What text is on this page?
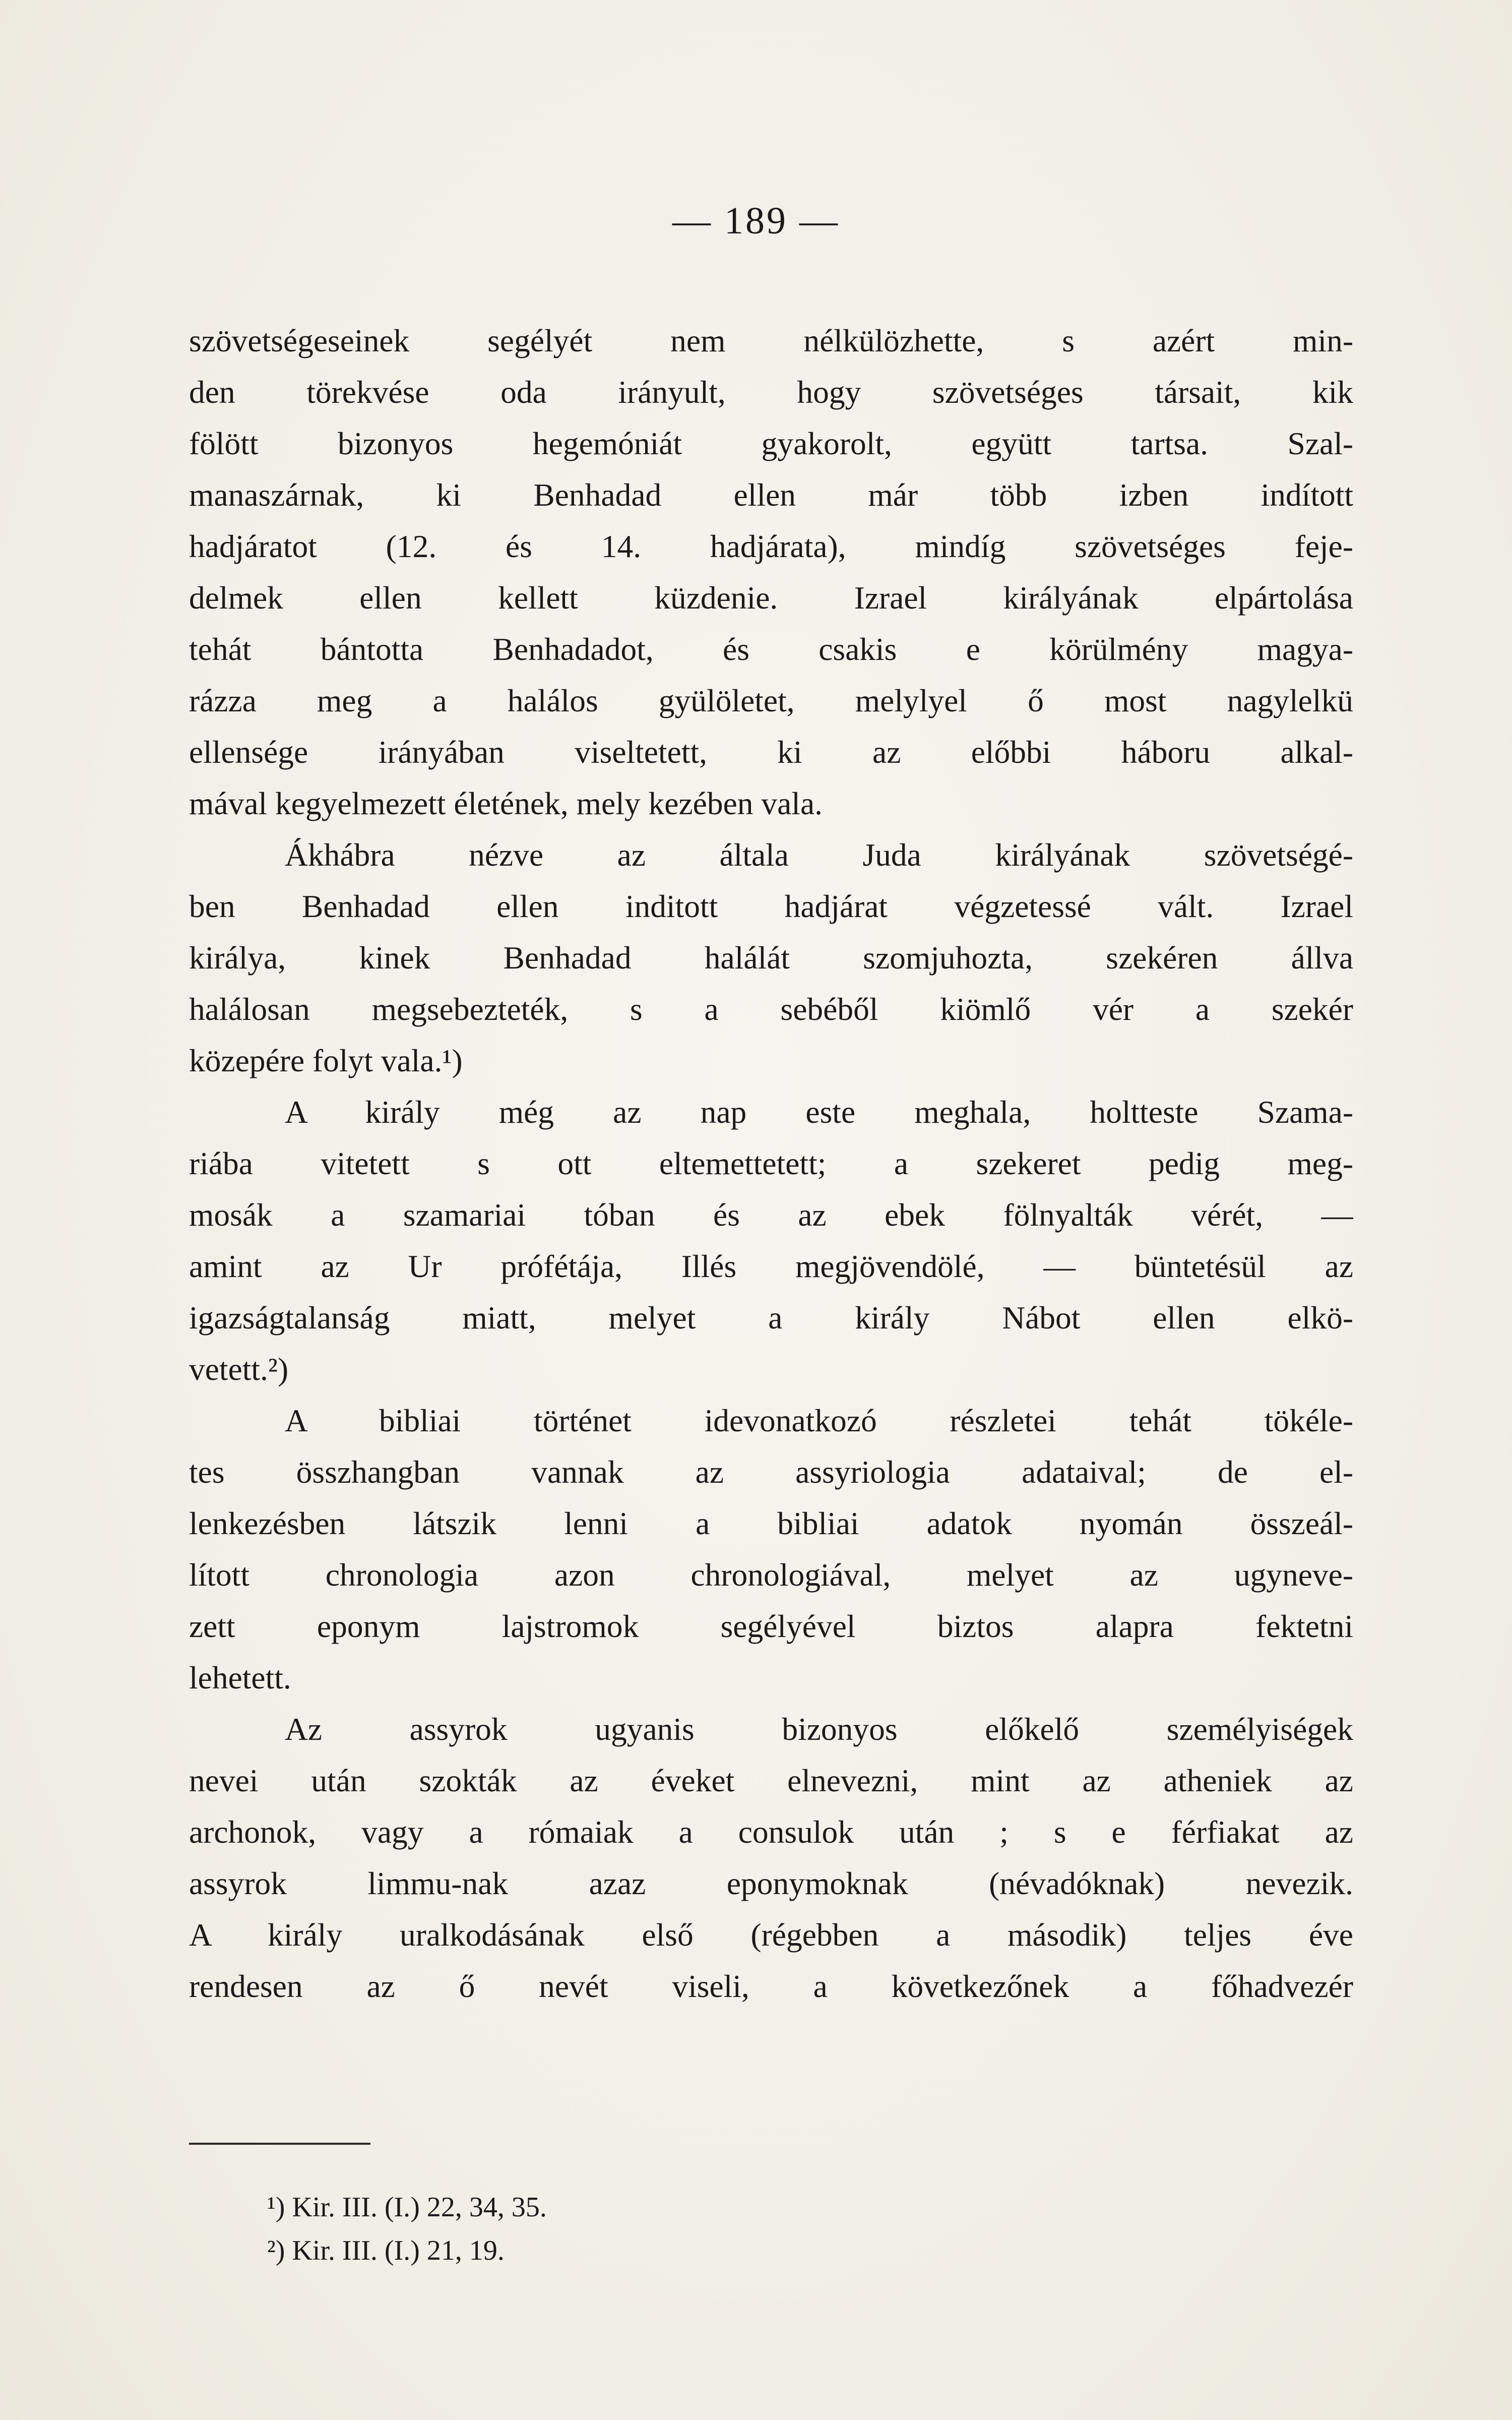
— 189 —
szövetségeseinek segélyét nem nélkülözhette, s azért min-
den törekvése oda irányult, hogy szövetséges társait, kik
fölött bizonyos hegemóniát gyakorolt, együtt tartsa. Szal-
manaszárnak, ki Benhadad ellen már több izben indított
hadjáratot (12. és 14. hadjárata), mindíg szövetséges feje-
delmek ellen kellett küzdenie. Izrael királyának elpártolása
tehát bántotta Benhadadot, és csakis e körülmény magya-
rázza meg a halálos gyülöletet, melylyel ő most nagylelkü
ellensége irányában viseltetett, ki az előbbi háboru alkal-
mával kegyelmezett életének, mely kezében vala.
Ákhábra nézve az általa Juda királyának szövetségé-
ben Benhadad ellen inditott hadjárat végzetessé vált. Izrael
királya, kinek Benhadad halálát szomjuhozta, szekéren állva
halálosan megsebezteték, s a sebéből kiömlő vér a szekér
közepére folyt vala.¹)
A király még az nap este meghala, holtteste Szama-
riába vitetett s ott eltemettetett; a szekeret pedig meg-
mosák a szamariai tóban és az ebek fölnyalták vérét, —
amint az Ur prófétája, Illés megjövendölé, — büntetésül az
igazságtalanság miatt, melyet a király Nábot ellen elkö-
vetett.²)
A bibliai történet idevonatkozó részletei tehát tökéle-
tes összhangban vannak az assyriologia adataival; de el-
lenkezésben látszik lenni a bibliai adatok nyomán összeál-
lított chronologia azon chronologiával, melyet az ugyneve-
zett eponym lajstromok segélyével biztos alapra fektetni
lehetett.
Az assyrok ugyanis bizonyos előkelő személyiségek
nevei után szokták az éveket elnevezni, mint az atheniek az
archonok, vagy a rómaiak a consulok után ; s e férfiakat az
assyrok limmu-nak azaz eponymoknak (névadóknak) nevezik.
A király uralkodásának első (régebben a második) teljes éve
rendesen az ő nevét viseli, a következőnek a főhadvezér
¹) Kir. III. (I.) 22, 34, 35.
²) Kir. III. (I.) 21, 19.
